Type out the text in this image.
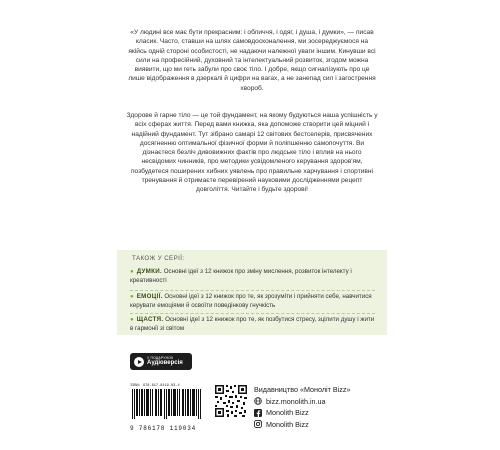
«У людині все має бути прекрасним: і обличчя, і одяг, і душа, і думки», — писав класик. Часто, ставши на шлях самовдосконалення, ми зосереджуємося на якійсь одній стороні особистості, не надаючи належної уваги іншим. Кинувши всі сили на професійний, духовний та інтелектуальний розвиток, згодом можна виявити, що ми геть забули про своє тіло. І добре, якщо сигналізують про це лише відображення в дзеркалі й цифри на вагах, а не занепад сил і загострення хвороб.

Здорове й гарне тіло — це той фундамент, на якому будуються наша успішність у всіх сферах життя. Перед вами книжка, яка допоможе створити цей міцний і надійний фундамент. Тут зібрано самарі 12 світових бестселерів, присвячених досягненню оптимальної фізичної форми й поліпшенню самопочуття. Ви дізнаєтеся безліч дивовижних фактів про людське тіло і вплив на нього несвідомих чинників, про методики усвідомленого керування здоров'ям, позбудетеся поширених хибних уявлень про правильне харчування і спортивні тренування й отримаєте перевірений науковими дослідженнями рецепт довголіття. Читайте і будьте здорові!

ТАКОЖ У СЕРІЇ:
● ДУМКИ. Основні ідеї з 12 книжок про зміну мислення, розвиток інтелекту і креативності
● ЕМОЦІЇ. Основні ідеї з 12 книжок про те, як зрозуміти і прийняти себе, навчитися керувати емоціями й освоїти поведінкову гнучкість
● ЩАСТЯ. Основні ідеї з 12 книжок про те, як позбутися стресу, зцілити душу і жити в гармонії зі світом
У ПОДАРУНОК
Аудіоверсія
ISBN: 978-617-8119-03-4
9 786178 119034
Видавництво «Моноліт Bizz»
bizz.monolith.in.ua
Monolith Bizz
Monolith Bizz
